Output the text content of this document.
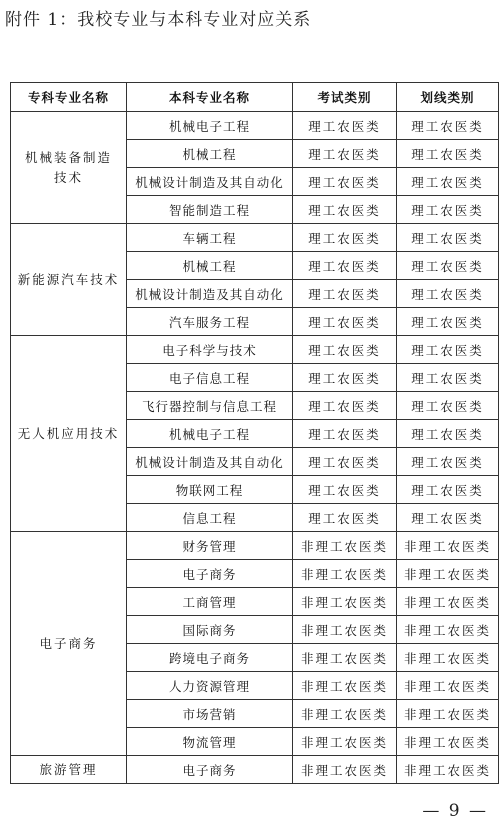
附件 1：我校专业与本科专业对应关系
专科专业名称	本科专业名称	考试类别	划线类别
机械装备制造技术	机械电子工程	理工农医类	理工农医类
	机械工程	理工农医类	理工农医类
	机械设计制造及其自动化	理工农医类	理工农医类
	智能制造工程	理工农医类	理工农医类
新能源汽车技术	车辆工程	理工农医类	理工农医类
	机械工程	理工农医类	理工农医类
	机械设计制造及其自动化	理工农医类	理工农医类
	汽车服务工程	理工农医类	理工农医类
无人机应用技术	电子科学与技术	理工农医类	理工农医类
	电子信息工程	理工农医类	理工农医类
	飞行器控制与信息工程	理工农医类	理工农医类
	机械电子工程	理工农医类	理工农医类
	机械设计制造及其自动化	理工农医类	理工农医类
	物联网工程	理工农医类	理工农医类
	信息工程	理工农医类	理工农医类
电子商务	财务管理	非理工农医类	非理工农医类
	电子商务	非理工农医类	非理工农医类
	工商管理	非理工农医类	非理工农医类
	国际商务	非理工农医类	非理工农医类
	跨境电子商务	非理工农医类	非理工农医类
	人力资源管理	非理工农医类	非理工农医类
	市场营销	非理工农医类	非理工农医类
	物流管理	非理工农医类	非理工农医类
旅游管理	电子商务	非理工农医类	非理工农医类
— 9 —
